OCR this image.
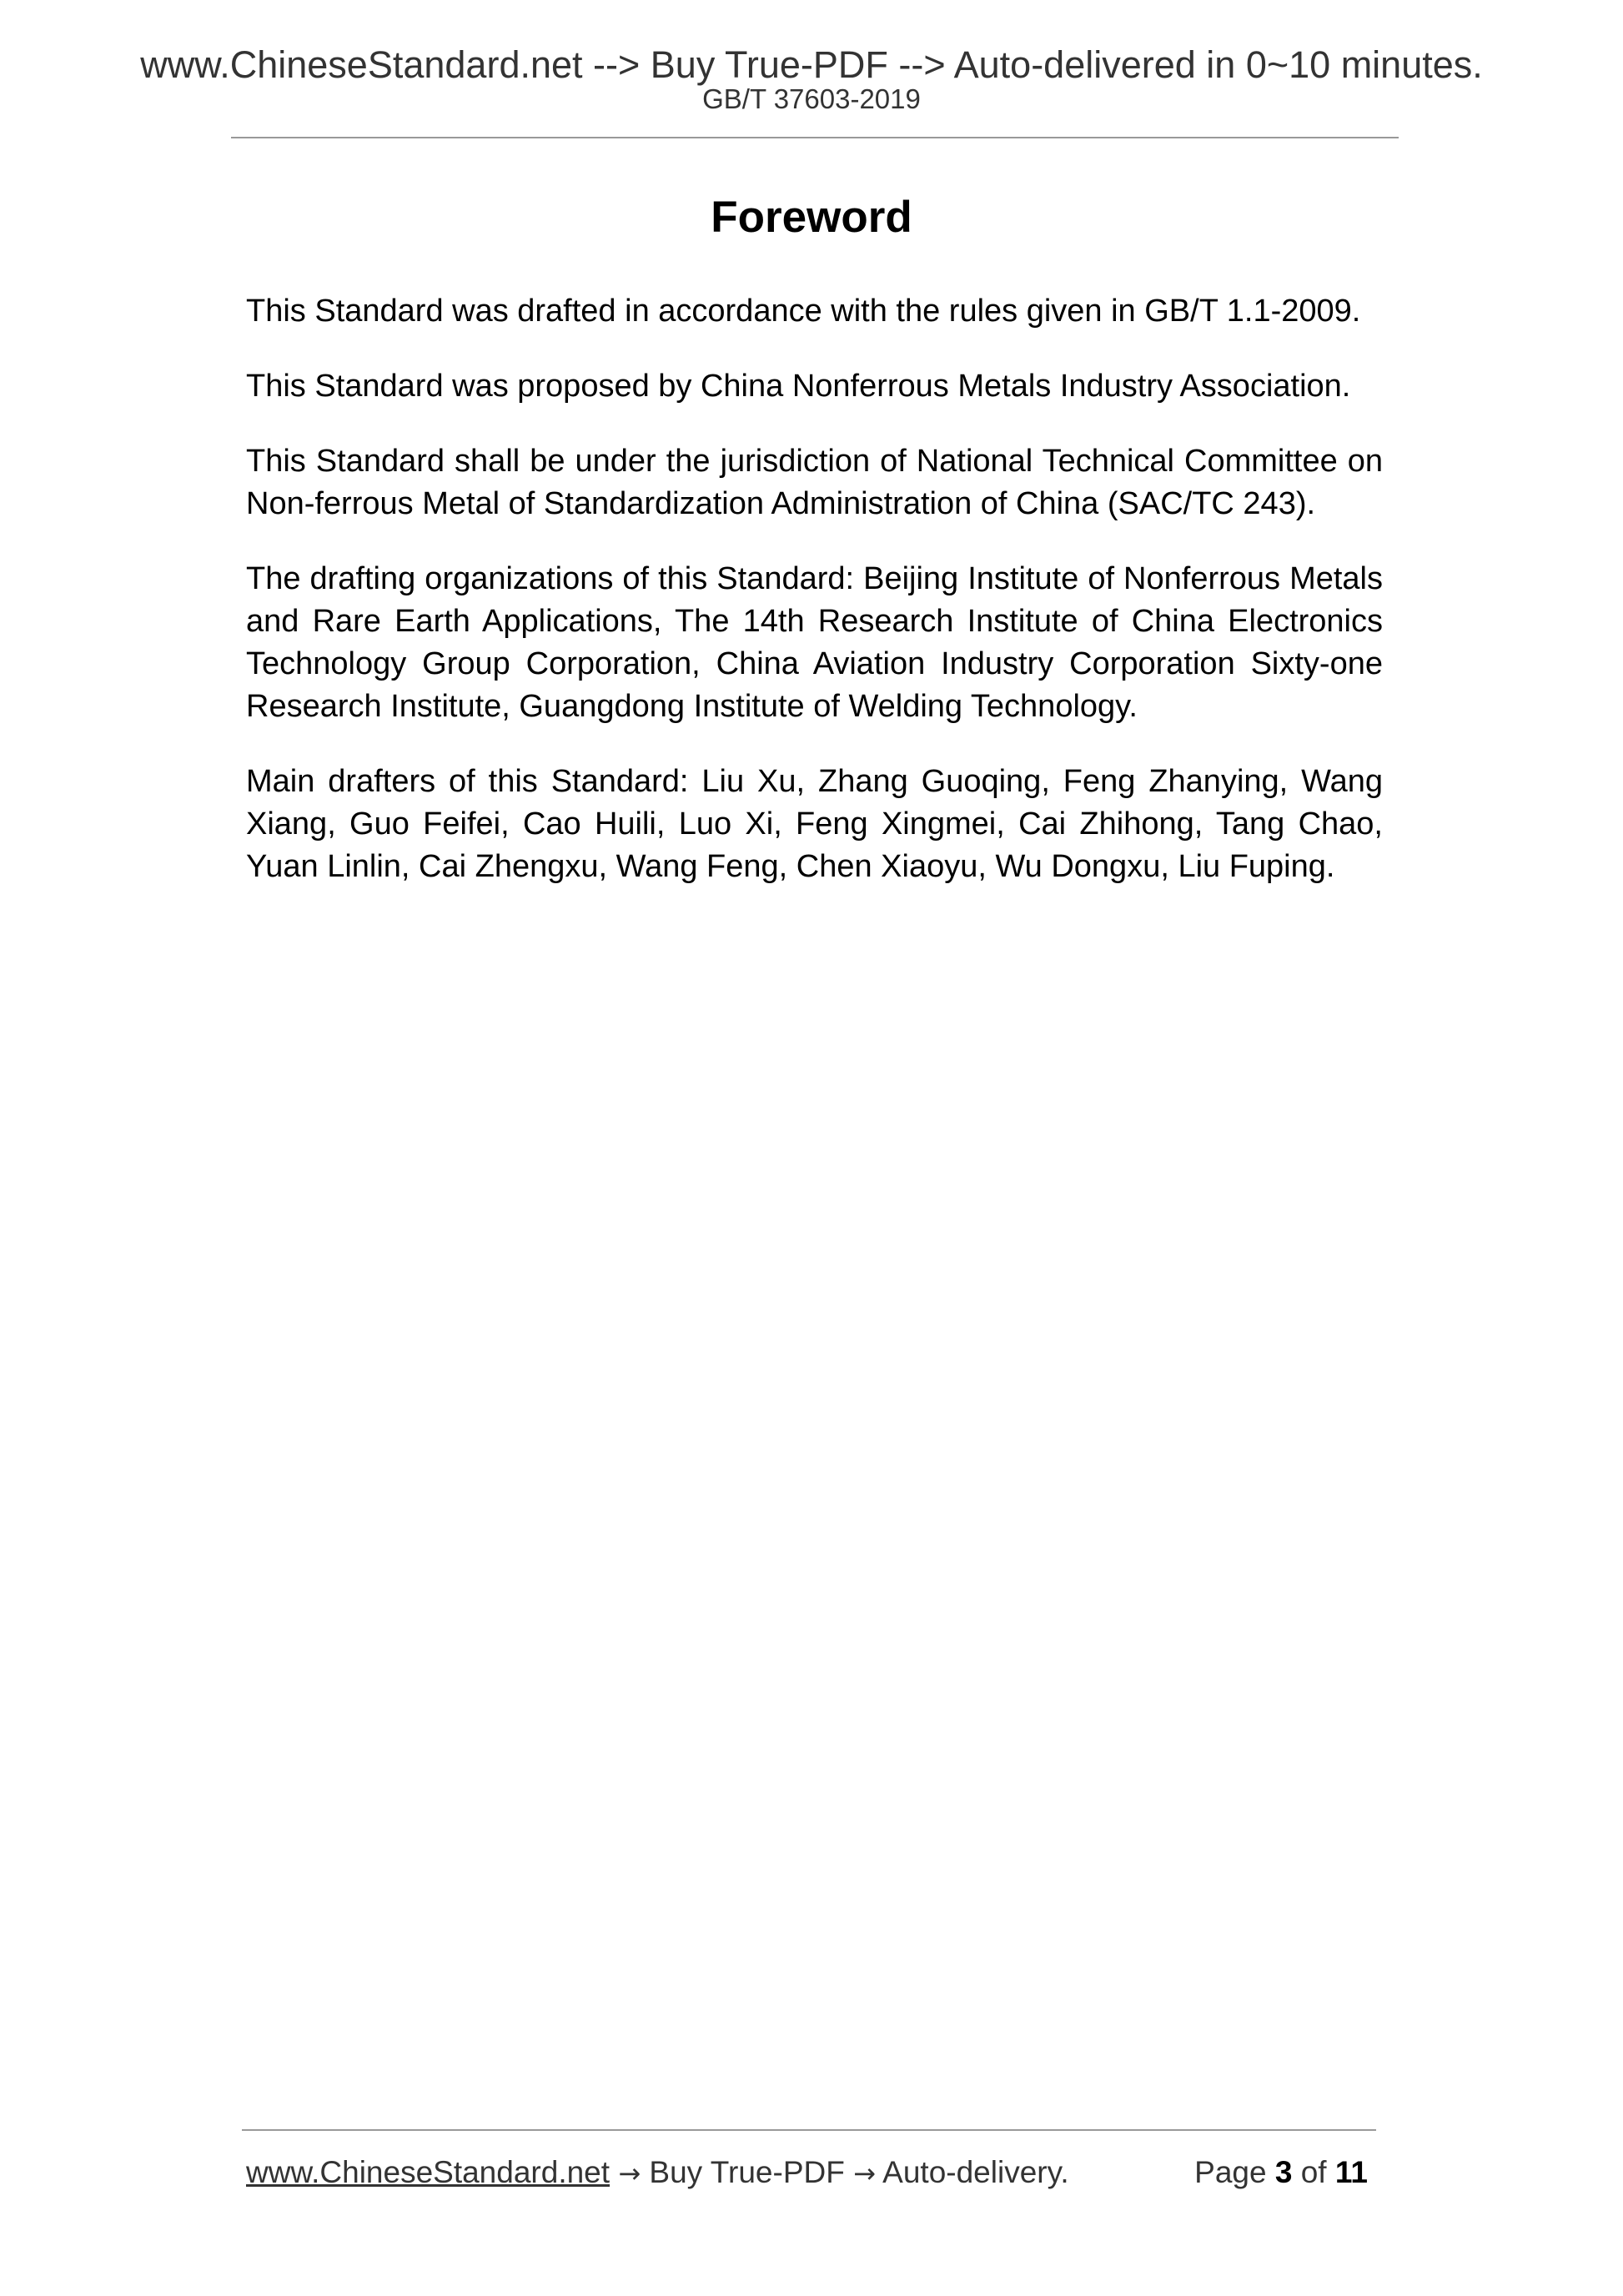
www.ChineseStandard.net --> Buy True-PDF --> Auto-delivered in 0~10 minutes.
GB/T 37603-2019
Foreword

This Standard was drafted in accordance with the rules given in GB/T 1.1-2009.

This Standard was proposed by China Nonferrous Metals Industry Association.

This Standard shall be under the jurisdiction of National Technical Committee on Non-ferrous Metal of Standardization Administration of China (SAC/TC 243).

The drafting organizations of this Standard: Beijing Institute of Nonferrous Metals and Rare Earth Applications, The 14th Research Institute of China Electronics Technology Group Corporation, China Aviation Industry Corporation Sixty-one Research Institute, Guangdong Institute of Welding Technology.

Main drafters of this Standard: Liu Xu, Zhang Guoqing, Feng Zhanying, Wang Xiang, Guo Feifei, Cao Huili, Luo Xi, Feng Xingmei, Cai Zhihong, Tang Chao, Yuan Linlin, Cai Zhengxu, Wang Feng, Chen Xiaoyu, Wu Dongxu, Liu Fuping.

www.ChineseStandard.net → Buy True-PDF → Auto-delivery.	Page 3 of 11
